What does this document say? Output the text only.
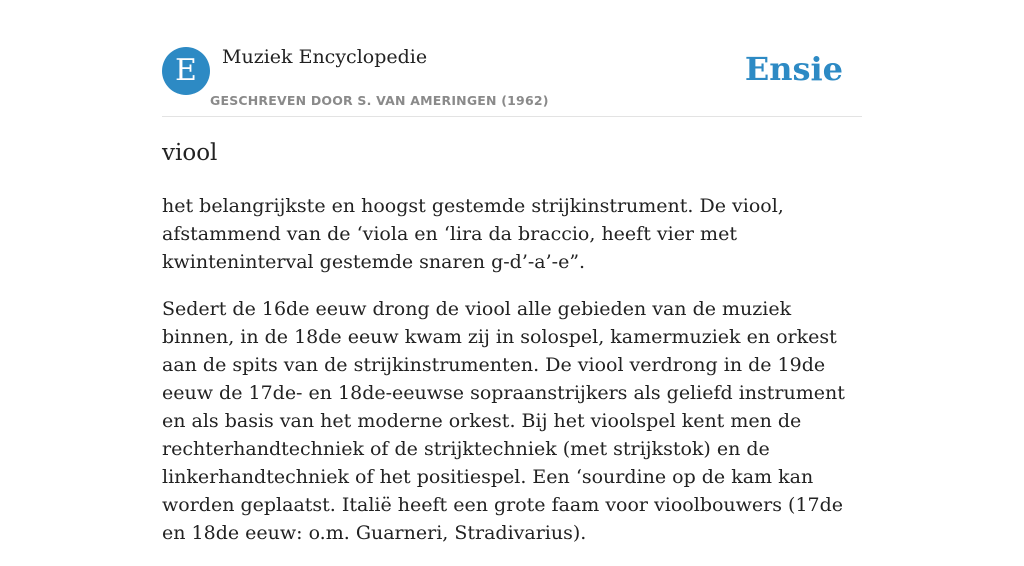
E	Muziek Encyclopedie
GESCHREVEN DOOR S. VAN AMERINGEN (1962)
Ensie
viool

het belangrijkste en hoogst gestemde strijkinstrument. De viool, afstammend van de ‘viola en ‘lira da braccio, heeft vier met kwinteninterval gestemde snaren g-d’-a’-e”.

Sedert de 16de eeuw drong de viool alle gebieden van de muziek binnen, in de 18de eeuw kwam zij in solospel, kamermuziek en orkest aan de spits van de strijkinstrumenten. De viool verdrong in de 19de eeuw de 17de- en 18de-eeuwse sopraanstrijkers als geliefd instrument en als basis van het moderne orkest. Bij het vioolspel kent men de rechterhandtechniek of de strijktechniek (met strijkstok) en de linkerhandtechniek of het positiespel. Een ‘sourdine op de kam kan worden geplaatst. Italië heeft een grote faam voor vioolbouwers (17de en 18de eeuw: o.m. Guarneri, Stradivarius).
